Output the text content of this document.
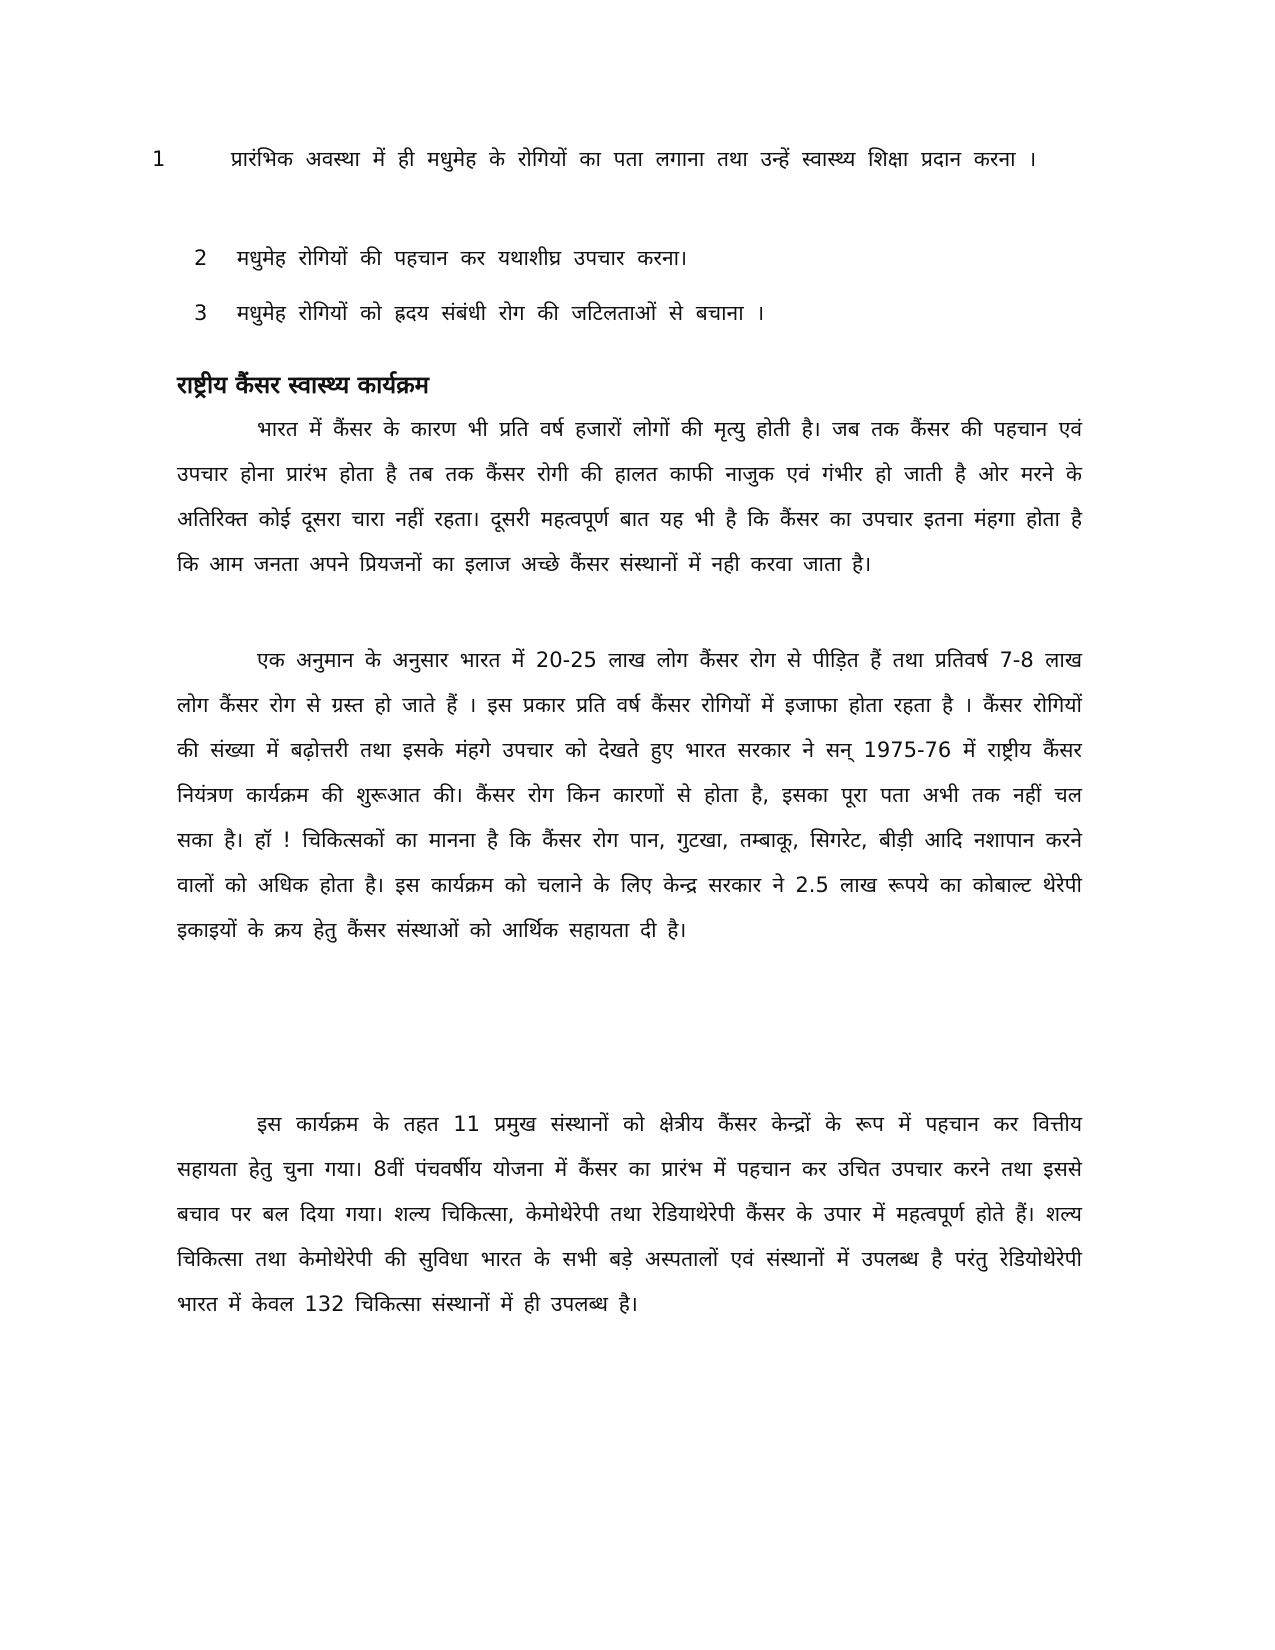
1	प्रारंभिक अवस्था में ही मधुमेह के रोगियों का पता लगाना तथा उन्हें स्वास्थ्य शिक्षा प्रदान करना ।
2 मधुमेह रोगियों की पहचान कर यथाशीघ्र उपचार करना।
3 मधुमेह रोगियों को ह्रदय संबंधी रोग की जटिलताओं से बचाना ।
राष्ट्रीय कैंसर स्वास्थ्य कार्यक्रम

भारत में कैंसर के कारण भी प्रति वर्ष हजारों लोगों की मृत्यु होती है। जब तक कैंसर की पहचान एवं उपचार होना प्रारंभ होता है तब तक कैंसर रोगी की हालत काफी नाजुक एवं गंभीर हो जाती है ओर मरने के अतिरिक्त कोई दूसरा चारा नहीं रहता। दूसरी महत्वपूर्ण बात यह भी है कि कैंसर का उपचार इतना मंहगा होता है कि आम जनता अपने प्रियजनों का इलाज अच्छे कैंसर संस्थानों में नही करवा जाता है।

एक अनुमान के अनुसार भारत में 20-25 लाख लोग कैंसर रोग से पीड़ित हैं तथा प्रतिवर्ष 7-8 लाख लोग कैंसर रोग से ग्रस्त हो जाते हैं । इस प्रकार प्रति वर्ष कैंसर रोगियों में इजाफा होता रहता है । कैंसर रोगियों की संख्या में बढ़ोत्तरी तथा इसके मंहगे उपचार को देखते हुए भारत सरकार ने सन् 1975-76 में राष्ट्रीय कैंसर नियंत्रण कार्यक्रम की शुरूआत की। कैंसर रोग किन कारणों से होता है, इसका पूरा पता अभी तक नहीं चल सका है। हॉ ! चिकित्सकों का मानना है कि कैंसर रोग पान, गुटखा, तम्बाकू, सिगरेट, बीड़ी आदि नशापान करने वालों को अधिक होता है। इस कार्यक्रम को चलाने के लिए केन्द्र सरकार ने 2.5 लाख रूपये का कोबाल्ट थेरेपी इकाइयों के क्रय हेतु कैंसर संस्थाओं को आर्थिक सहायता दी है।

इस कार्यक्रम के तहत 11 प्रमुख संस्थानों को क्षेत्रीय कैंसर केन्द्रों के रूप में पहचान कर वित्तीय सहायता हेतु चुना गया। 8वीं पंचवर्षीय योजना में कैंसर का प्रारंभ में पहचान कर उचित उपचार करने तथा इससे बचाव पर बल दिया गया। शल्य चिकित्सा, केमोथेरेपी तथा रेडियाथेरेपी कैंसर के उपार में महत्वपूर्ण होते हैं। शल्य चिकित्सा तथा केमोथेरेपी की सुविधा भारत के सभी बड़े अस्पतालों एवं संस्थानों में उपलब्ध है परंतु रेडियोथेरेपी भारत में केवल 132 चिकित्सा संस्थानों में ही उपलब्ध है।
